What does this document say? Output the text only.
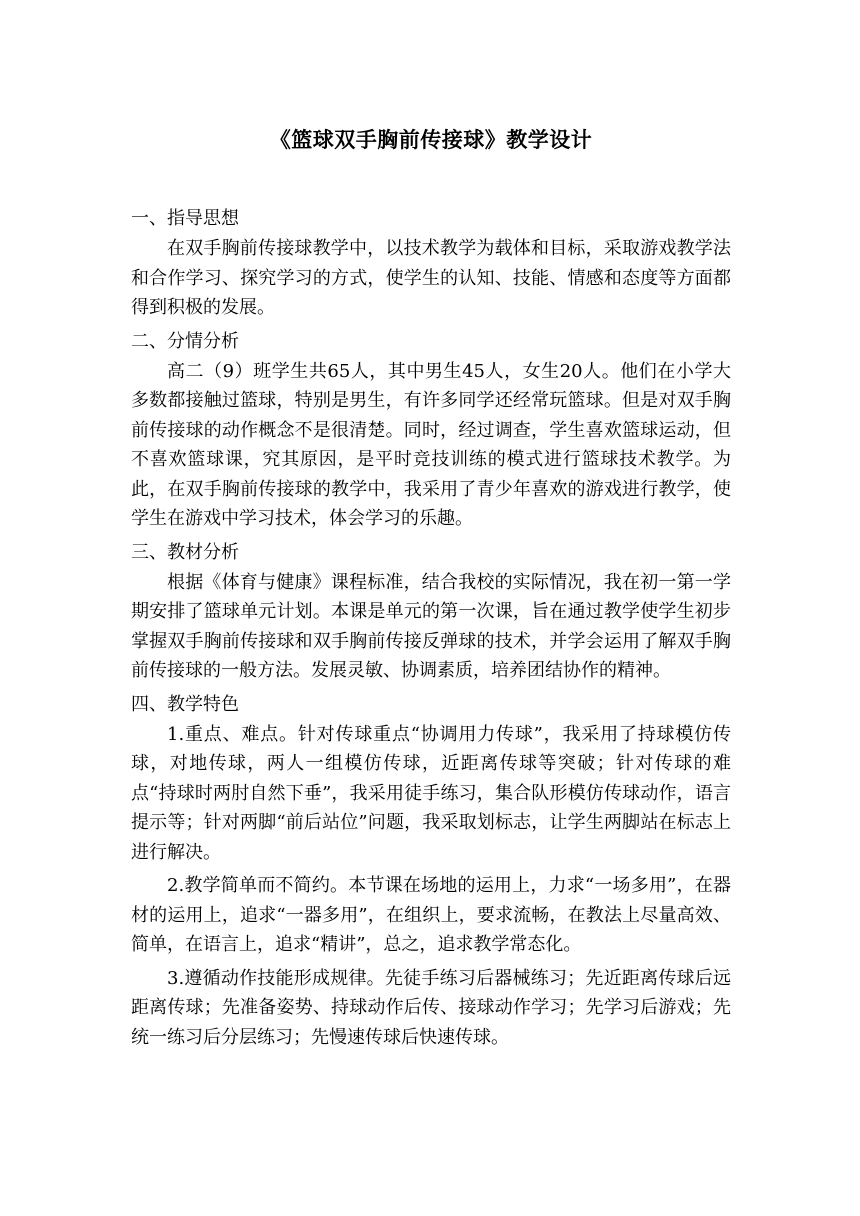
《篮球双手胸前传接球》教学设计

一、指导思想

在双手胸前传接球教学中，以技术教学为载体和目标，采取游戏教学法和合作学习、探究学习的方式，使学生的认知、技能、情感和态度等方面都得到积极的发展。

二、分情分析

高二（9）班学生共65人，其中男生45人，女生20人。他们在小学大多数都接触过篮球，特别是男生，有许多同学还经常玩篮球。但是对双手胸前传接球的动作概念不是很清楚。同时，经过调查，学生喜欢篮球运动，但不喜欢篮球课，究其原因，是平时竞技训练的模式进行篮球技术教学。为此，在双手胸前传接球的教学中，我采用了青少年喜欢的游戏进行教学，使学生在游戏中学习技术，体会学习的乐趣。

三、教材分析

根据《体育与健康》课程标准，结合我校的实际情况，我在初一第一学期安排了篮球单元计划。本课是单元的第一次课，旨在通过教学使学生初步掌握双手胸前传接球和双手胸前传接反弹球的技术，并学会运用了解双手胸前传接球的一般方法。发展灵敏、协调素质，培养团结协作的精神。

四、教学特色

1.重点、难点。针对传球重点“协调用力传球”，我采用了持球模仿传球，对地传球，两人一组模仿传球，近距离传球等突破；针对传球的难点“持球时两肘自然下垂”，我采用徒手练习，集合队形模仿传球动作，语言提示等；针对两脚“前后站位”问题，我采取划标志，让学生两脚站在标志上进行解决。

2.教学简单而不简约。本节课在场地的运用上，力求“一场多用”，在器材的运用上，追求“一器多用”，在组织上，要求流畅，在教法上尽量高效、简单，在语言上，追求“精讲”，总之，追求教学常态化。

3.遵循动作技能形成规律。先徒手练习后器械练习；先近距离传球后远距离传球；先准备姿势、持球动作后传、接球动作学习；先学习后游戏；先统一练习后分层练习；先慢速传球后快速传球。
